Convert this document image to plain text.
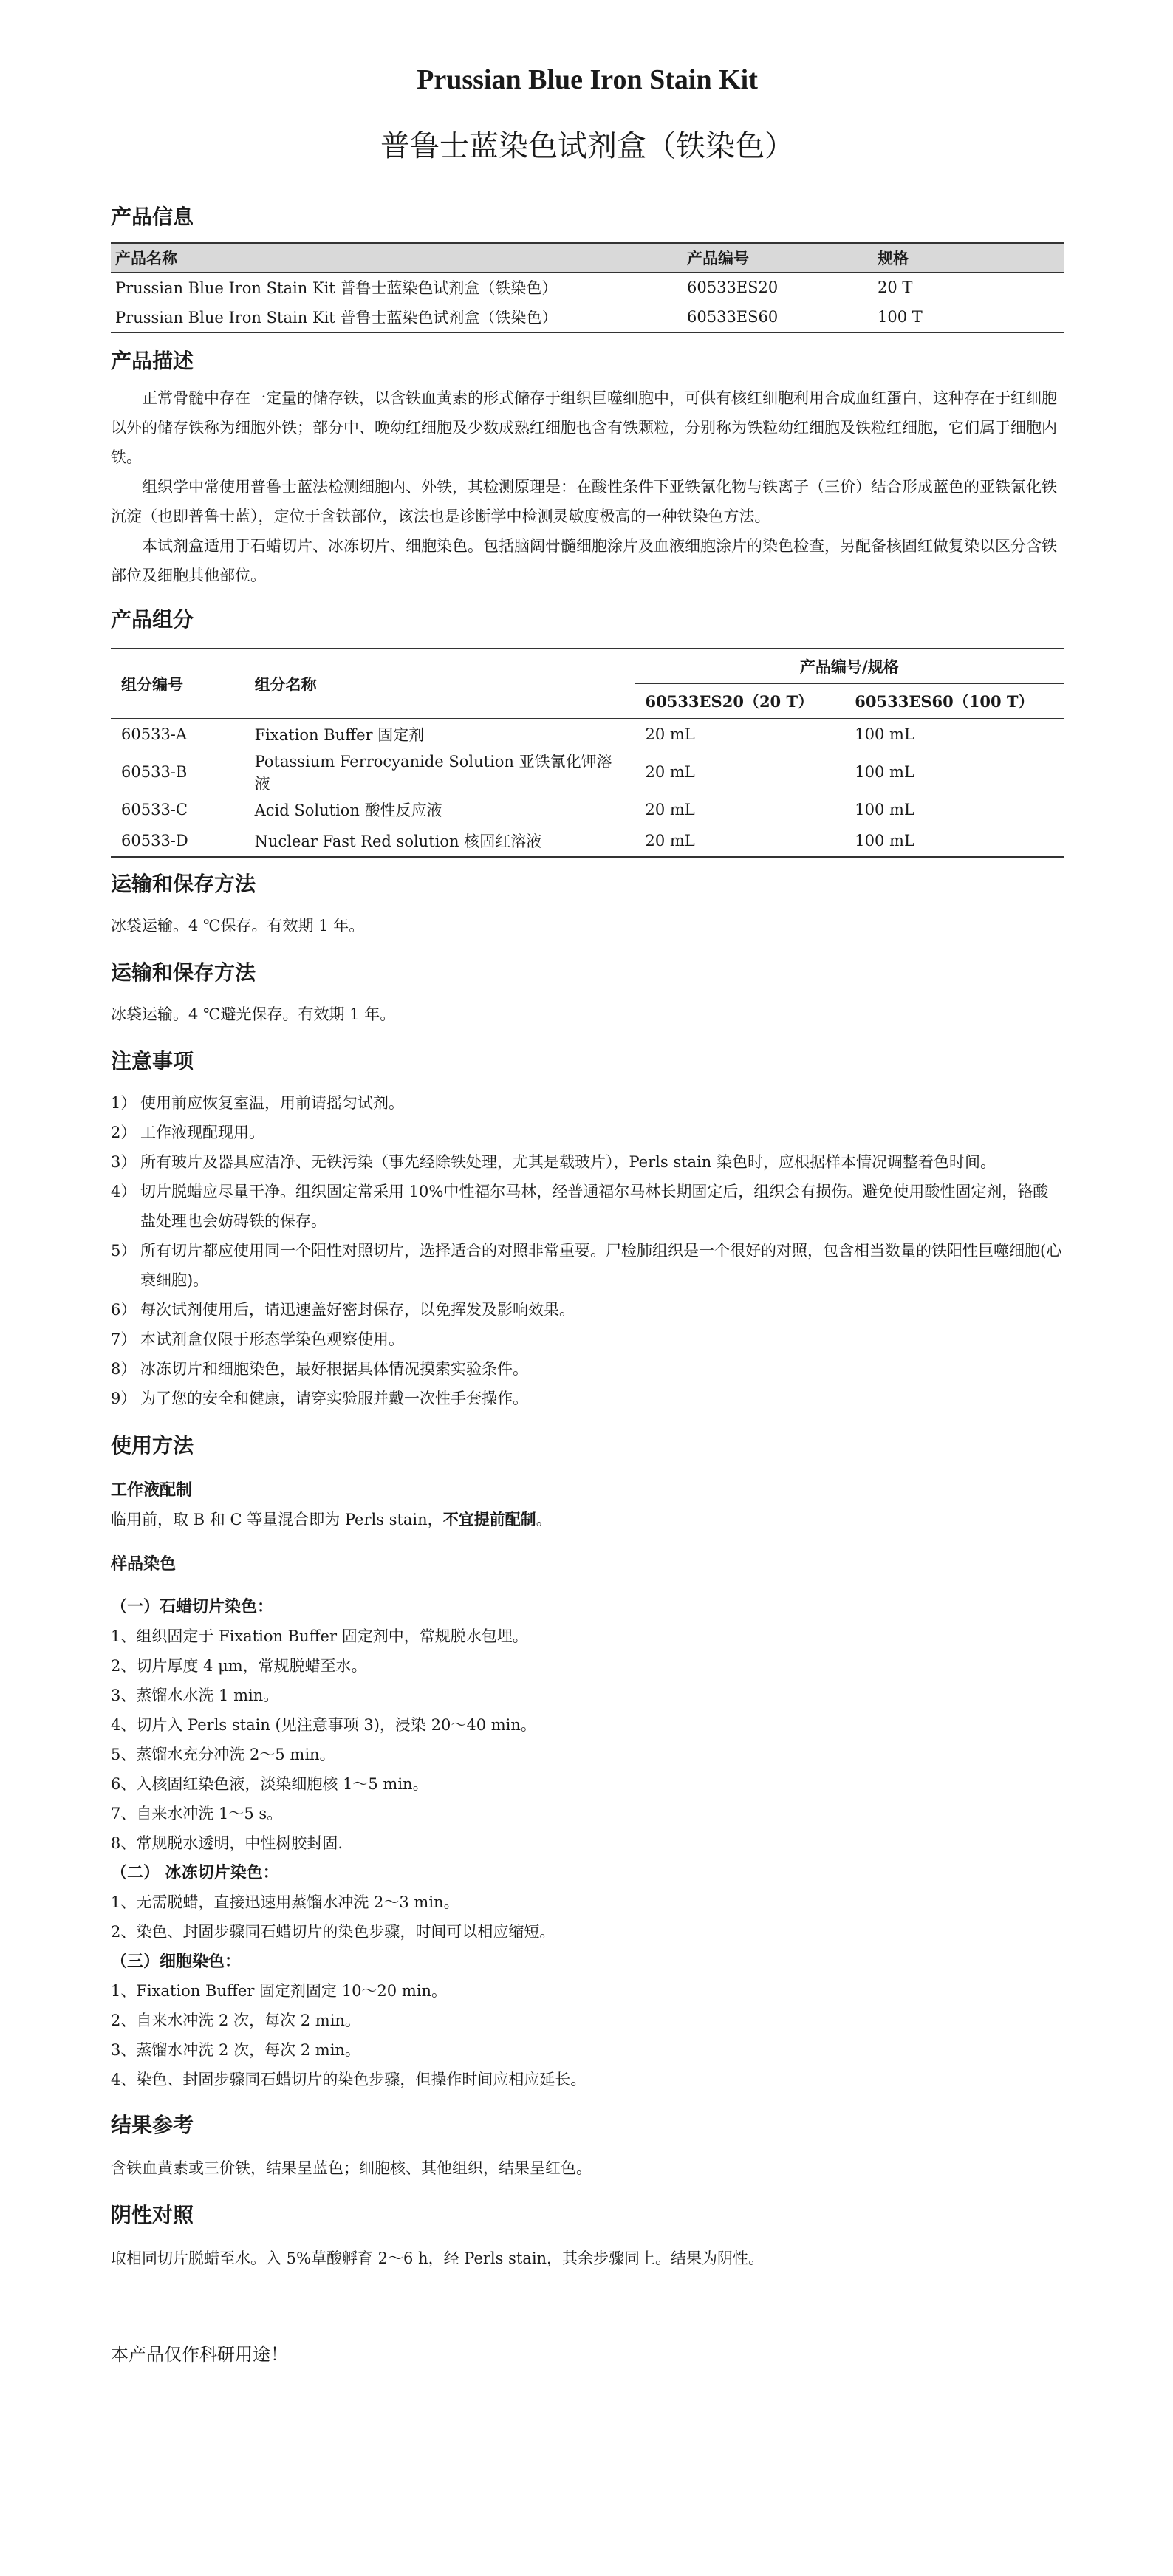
Prussian Blue Iron Stain Kit
普鲁士蓝染色试剂盒（铁染色）
产品信息
产品名称	产品编号	规格
Prussian Blue Iron Stain Kit 普鲁士蓝染色试剂盒（铁染色）	60533ES20	20 T
Prussian Blue Iron Stain Kit 普鲁士蓝染色试剂盒（铁染色）	60533ES60	100 T
产品描述

正常骨髓中存在一定量的储存铁，以含铁血黄素的形式储存于组织巨噬细胞中，可供有核红细胞利用合成血红蛋白，这种存在于红细胞以外的储存铁称为细胞外铁；部分中、晚幼红细胞及少数成熟红细胞也含有铁颗粒，分别称为铁粒幼红细胞及铁粒红细胞，它们属于细胞内铁。

组织学中常使用普鲁士蓝法检测细胞内、外铁，其检测原理是：在酸性条件下亚铁氰化物与铁离子（三价）结合形成蓝色的亚铁氰化铁沉淀（也即普鲁士蓝），定位于含铁部位，该法也是诊断学中检测灵敏度极高的一种铁染色方法。

本试剂盒适用于石蜡切片、冰冻切片、细胞染色。包括脑阔骨髓细胞涂片及血液细胞涂片的染色检查，另配备核固红做复染以区分含铁部位及细胞其他部位。

产品组分
组分编号	组分名称	产品编号/规格	
		60533ES20（20 T）	60533ES60（100 T）
60533-A	Fixation Buffer 固定剂	20 mL	100 mL
60533-B	Potassium Ferrocyanide Solution 亚铁氰化钾溶液	20 mL	100 mL
60533-C	Acid Solution 酸性反应液	20 mL	100 mL
60533-D	Nuclear Fast Red solution 核固红溶液	20 mL	100 mL
运输和保存方法

冰袋运输。4 ℃保存。有效期 1 年。

运输和保存方法

冰袋运输。4 ℃避光保存。有效期 1 年。

注意事项
1） 使用前应恢复室温，用前请摇匀试剂。
2） 工作液现配现用。
3） 所有玻片及器具应洁净、无铁污染（事先经除铁处理，尤其是载玻片），Perls stain 染色时，应根据样本情况调整着色时间。
4） 切片脱蜡应尽量干净。组织固定常采用 10%中性福尔马林，经普通福尔马林长期固定后，组织会有损伤。避免使用酸性固定剂，铬酸盐处理也会妨碍铁的保存。
5） 所有切片都应使用同一个阳性对照切片，选择适合的对照非常重要。尸检肺组织是一个很好的对照，包含相当数量的铁阳性巨噬细胞(心衰细胞)。
6） 每次试剂使用后，请迅速盖好密封保存，以免挥发及影响效果。
7） 本试剂盒仅限于形态学染色观察使用。
8） 冰冻切片和细胞染色，最好根据具体情况摸索实验条件。
9） 为了您的安全和健康，请穿实验服并戴一次性手套操作。
使用方法
工作液配制

临用前，取 B 和 C 等量混合即为 Perls stain，不宜提前配制。

样品染色
（一）石蜡切片染色：
1、组织固定于 Fixation Buffer 固定剂中，常规脱水包埋。
2、切片厚度 4 μm，常规脱蜡至水。
3、蒸馏水水洗 1 min。
4、切片入 Perls stain (见注意事项 3)，浸染 20～40 min。
5、蒸馏水充分冲洗 2～5 min。
6、入核固红染色液，淡染细胞核 1～5 min。
7、自来水冲洗 1～5 s。
8、常规脱水透明，中性树胶封固.
（二） 冰冻切片染色：
1、无需脱蜡，直接迅速用蒸馏水冲洗 2～3 min。
2、染色、封固步骤同石蜡切片的染色步骤，时间可以相应缩短。
（三）细胞染色：
1、Fixation Buffer 固定剂固定 10～20 min。
2、自来水冲洗 2 次，每次 2 min。
3、蒸馏水冲洗 2 次，每次 2 min。
4、染色、封固步骤同石蜡切片的染色步骤，但操作时间应相应延长。
结果参考

含铁血黄素或三价铁，结果呈蓝色；细胞核、其他组织，结果呈红色。

阴性对照

取相同切片脱蜡至水。入 5%草酸孵育 2～6 h，经 Perls stain，其余步骤同上。结果为阴性。

本产品仅作科研用途！
